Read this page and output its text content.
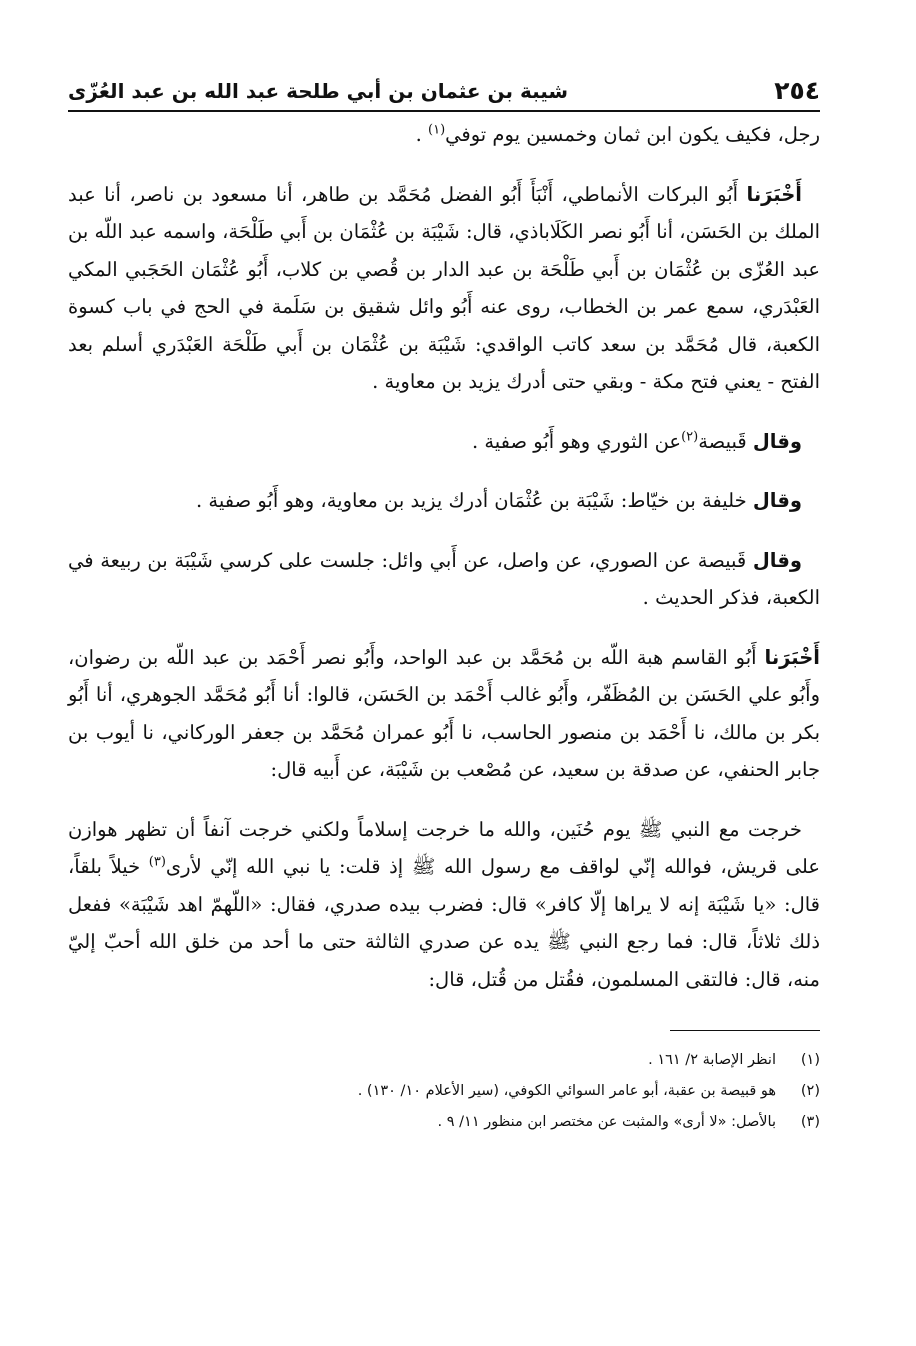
٢٥٤
شيبة بن عثمان بن أبي طلحة عبد الله بن عبد العُزّى

رجل، فكيف يكون ابن ثمان وخمسين يوم توفي$^{(١)}$ .

أَخْبَرَنا أَبُو البركات الأنماطي، أَنْبَأَ أَبُو الفضل مُحَمَّد بن طاهر، أنا مسعود بن ناصر، أنا عبد الملك بن الحَسَن، أنا أَبُو نصر الكَلَاباذي، قال: شَيْبَة بن عُثْمَان بن أَبي طَلْحَة، واسمه عبد اللّه بن عبد العُزّى بن عُثْمَان بن أَبي طَلْحَة بن عبد الدار بن قُصي بن كلاب، أَبُو عُثْمَان الحَجَبي المكي العَبْدَري، سمع عمر بن الخطاب، روى عنه أَبُو وائل شقيق بن سَلَمة في الحج في باب كسوة الكعبة، قال مُحَمَّد بن سعد كاتب الواقدي: شَيْبَة بن عُثْمَان بن أَبي طَلْحَة العَبْدَري أسلم بعد الفتح - يعني فتح مكة - وبقي حتى أدرك يزيد بن معاوية .

وقال قَبيصة$^{(٢)}$عن الثوري وهو أَبُو صفية .

وقال خليفة بن خيّاط: شَيْبَة بن عُثْمَان أدرك يزيد بن معاوية، وهو أَبُو صفية .

وقال قَبيصة عن الصوري، عن واصل، عن أَبي وائل: جلست على كرسي شَيْبَة بن ربيعة في الكعبة، فذكر الحديث .

أَخْبَرَنا أَبُو القاسم هبة اللّه بن مُحَمَّد بن عبد الواحد، وأَبُو نصر أَحْمَد بن عبد اللّه بن رضوان، وأَبُو علي الحَسَن بن المُظَفّر، وأَبُو غالب أَحْمَد بن الحَسَن، قالوا: أنا أَبُو مُحَمَّد الجوهري، أنا أَبُو بكر بن مالك، نا أَحْمَد بن منصور الحاسب، نا أَبُو عمران مُحَمَّد بن جعفر الوركاني، نا أيوب بن جابر الحنفي، عن صدقة بن سعيد، عن مُصْعب بن شَيْبَة، عن أَبيه قال:

خرجت مع النبي ﷺ يوم حُنَين، والله ما خرجت إسلاماً ولكني خرجت آنفاً أن تظهر هوازن على قريش، فوالله إنّي لواقف مع رسول الله ﷺ إذ قلت: يا نبي الله إنّي لأرى$^{(٣)}$ خيلاً بلقاً، قال: «يا شَيْبَة إنه لا يراها إلّا كافر» قال: فضرب بيده صدري، فقال: «اللّهمّ اهد شَيْبَة» ففعل ذلك ثلاثاً، قال: فما رجع النبي ﷺ يده عن صدري الثالثة حتى ما أحد من خلق الله أحبّ إليّ منه، قال: فالتقى المسلمون، فقُتل من قُتل، قال:

(١)
انظر الإصابة ٢/ ١٦١ .
(٢)
هو قبيصة بن عقبة، أبو عامر السوائي الكوفي، (سير الأعلام ١٠/ ١٣٠) .
(٣)
بالأصل: «لا أرى» والمثبت عن مختصر ابن منظور ١١/ ٩ .
